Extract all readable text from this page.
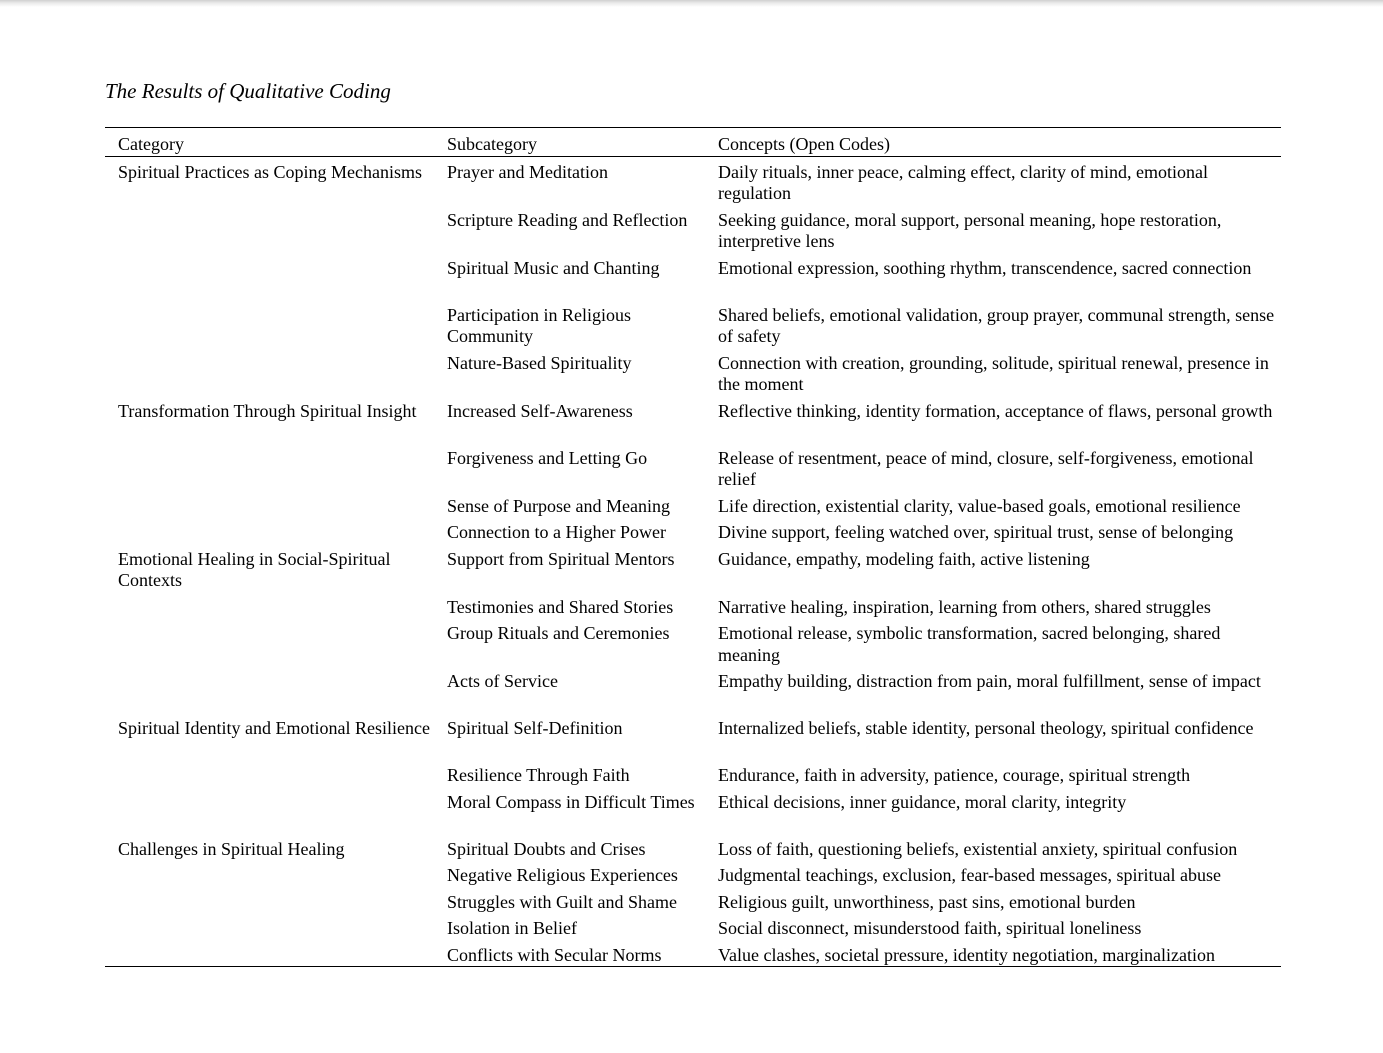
The Results of Qualitative Coding
Category	Subcategory	Concepts (Open Codes)
Spiritual Practices as Coping Mechanisms	Prayer and Meditation	Daily rituals, inner peace, calming effect, clarity of mind, emotional regulation
	Scripture Reading and Reflection	Seeking guidance, moral support, personal meaning, hope restoration, interpretive lens
	Spiritual Music and Chanting	Emotional expression, soothing rhythm, transcendence, sacred connection
	Participation in Religious Community	Shared beliefs, emotional validation, group prayer, communal strength, sense of safety
	Nature-Based Spirituality	Connection with creation, grounding, solitude, spiritual renewal, presence in the moment
Transformation Through Spiritual Insight	Increased Self-Awareness	Reflective thinking, identity formation, acceptance of flaws, personal growth
	Forgiveness and Letting Go	Release of resentment, peace of mind, closure, self-forgiveness, emotional relief
	Sense of Purpose and Meaning	Life direction, existential clarity, value-based goals, emotional resilience
	Connection to a Higher Power	Divine support, feeling watched over, spiritual trust, sense of belonging
Emotional Healing in Social-Spiritual Contexts	Support from Spiritual Mentors	Guidance, empathy, modeling faith, active listening
	Testimonies and Shared Stories	Narrative healing, inspiration, learning from others, shared struggles
	Group Rituals and Ceremonies	Emotional release, symbolic transformation, sacred belonging, shared meaning
	Acts of Service	Empathy building, distraction from pain, moral fulfillment, sense of impact
Spiritual Identity and Emotional Resilience	Spiritual Self-Definition	Internalized beliefs, stable identity, personal theology, spiritual confidence
	Resilience Through Faith	Endurance, faith in adversity, patience, courage, spiritual strength
	Moral Compass in Difficult Times	Ethical decisions, inner guidance, moral clarity, integrity
Challenges in Spiritual Healing	Spiritual Doubts and Crises	Loss of faith, questioning beliefs, existential anxiety, spiritual confusion
	Negative Religious Experiences	Judgmental teachings, exclusion, fear-based messages, spiritual abuse
	Struggles with Guilt and Shame	Religious guilt, unworthiness, past sins, emotional burden
	Isolation in Belief	Social disconnect, misunderstood faith, spiritual loneliness
	Conflicts with Secular Norms	Value clashes, societal pressure, identity negotiation, marginalization
